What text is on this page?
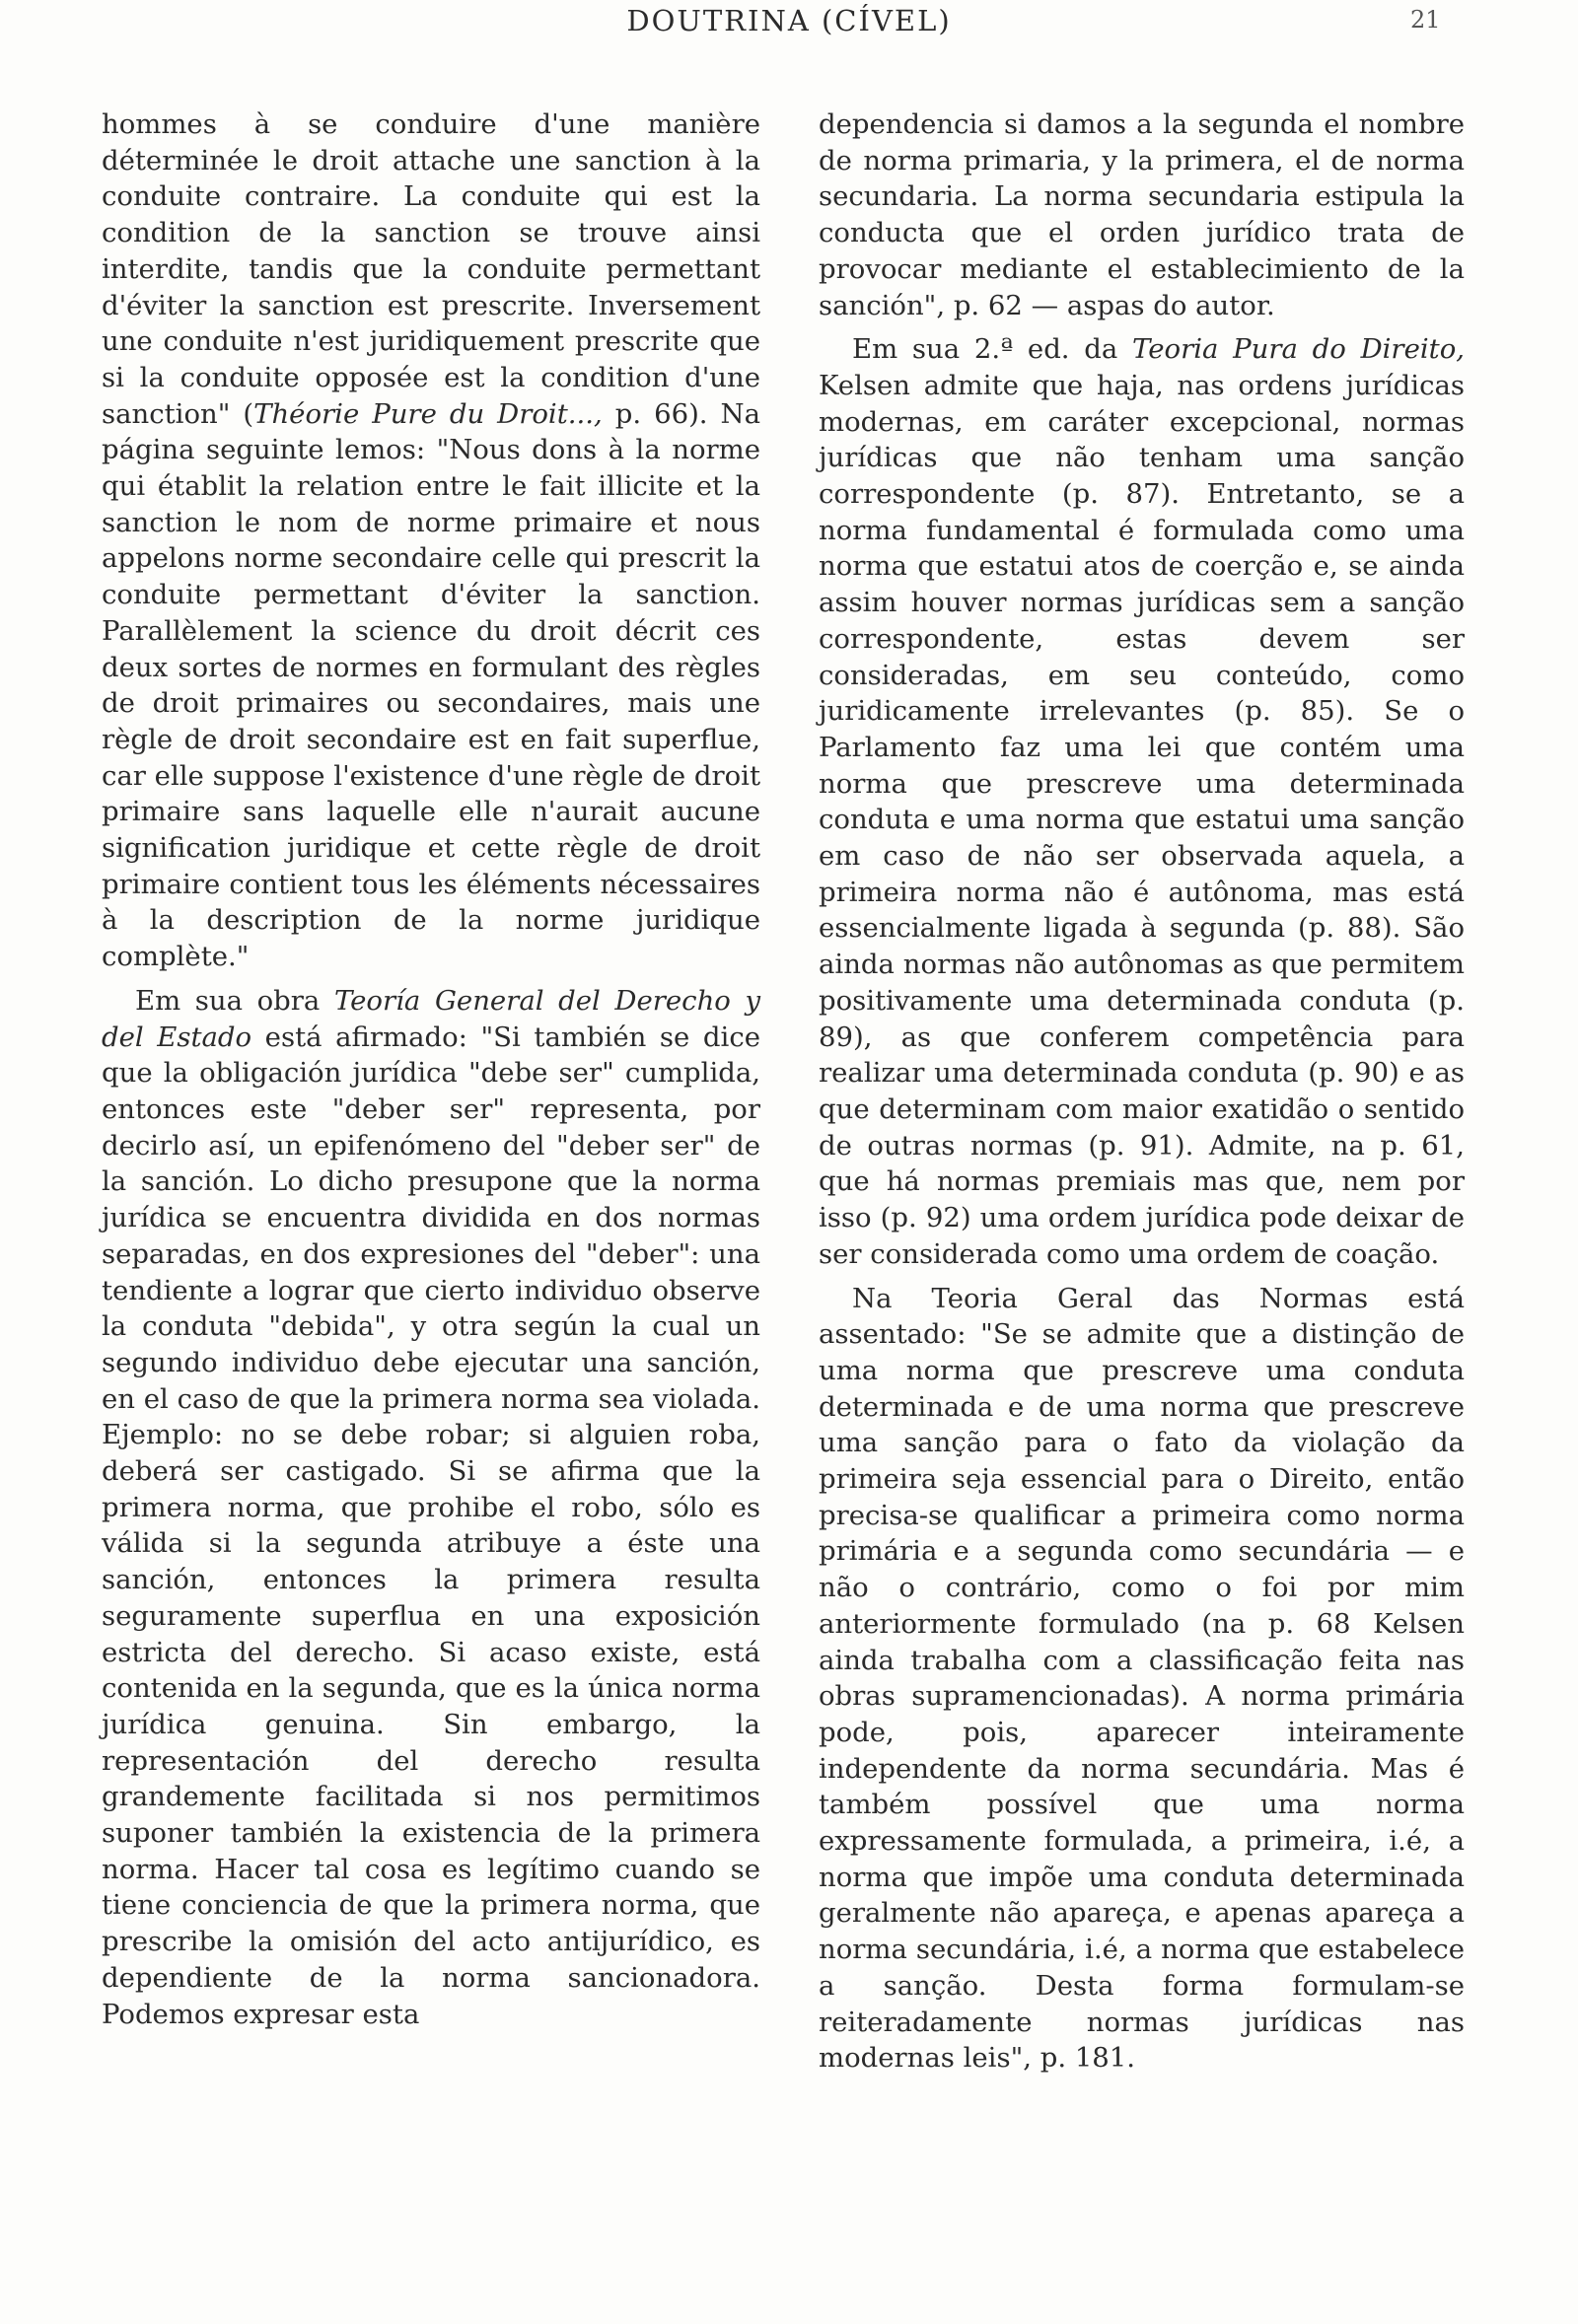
DOUTRINA (CÍVEL)	21

hommes à se conduire d'une manière déterminée le droit attache une sanction à la conduite contraire. La conduite qui est la condition de la sanction se trouve ainsi interdite, tandis que la conduite permettant d'éviter la sanction est prescrite. Inversement une conduite n'est juridiquement prescrite que si la conduite opposée est la condition d'une sanction" (Théorie Pure du Droit..., p. 66). Na página seguinte lemos: "Nous dons à la norme qui établit la relation entre le fait illicite et la sanction le nom de norme primaire et nous appelons norme secondaire celle qui prescrit la conduite permettant d'éviter la sanction. Parallèlement la science du droit décrit ces deux sortes de normes en formulant des règles de droit primaires ou secondaires, mais une règle de droit secondaire est en fait superflue, car elle suppose l'existence d'une règle de droit primaire sans laquelle elle n'aurait aucune signification juridique et cette règle de droit primaire contient tous les éléments nécessaires à la description de la norme juridique complète."

Em sua obra Teoría General del Derecho y del Estado está afirmado: "Si también se dice que la obligación jurídica "debe ser" cumplida, entonces este "deber ser" representa, por decirlo así, un epifenómeno del "deber ser" de la sanción. Lo dicho presupone que la norma jurídica se encuentra dividida en dos normas separadas, en dos expresiones del "deber": una tendiente a lograr que cierto individuo observe la conduta "debida", y otra según la cual un segundo individuo debe ejecutar una sanción, en el caso de que la primera norma sea violada. Ejemplo: no se debe robar; si alguien roba, deberá ser castigado. Si se afirma que la primera norma, que prohibe el robo, sólo es válida si la segunda atribuye a éste una sanción, entonces la primera resulta seguramente superflua en una exposición estricta del derecho. Si acaso existe, está contenida en la segunda, que es la única norma jurídica genuina. Sin embargo, la representación del derecho resulta grandemente facilitada si nos permitimos suponer también la existencia de la primera norma. Hacer tal cosa es legítimo cuando se tiene conciencia de que la primera norma, que prescribe la omisión del acto antijurídico, es dependiente de la norma sancionadora. Podemos expresar esta

dependencia si damos a la segunda el nombre de norma primaria, y la primera, el de norma secundaria. La norma secundaria estipula la conducta que el orden jurídico trata de provocar mediante el establecimiento de la sanción", p. 62 — aspas do autor.

Em sua 2.ª ed. da Teoria Pura do Direito, Kelsen admite que haja, nas ordens jurídicas modernas, em caráter excepcional, normas jurídicas que não tenham uma sanção correspondente (p. 87). Entretanto, se a norma fundamental é formulada como uma norma que estatui atos de coerção e, se ainda assim houver normas jurídicas sem a sanção correspondente, estas devem ser consideradas, em seu conteúdo, como juridicamente irrelevantes (p. 85). Se o Parlamento faz uma lei que contém uma norma que prescreve uma determinada conduta e uma norma que estatui uma sanção em caso de não ser observada aquela, a primeira norma não é autônoma, mas está essencialmente ligada à segunda (p. 88). São ainda normas não autônomas as que permitem positivamente uma determinada conduta (p. 89), as que conferem competência para realizar uma determinada conduta (p. 90) e as que determinam com maior exatidão o sentido de outras normas (p. 91). Admite, na p. 61, que há normas premiais mas que, nem por isso (p. 92) uma ordem jurídica pode deixar de ser considerada como uma ordem de coação.

Na Teoria Geral das Normas está assentado: "Se se admite que a distinção de uma norma que prescreve uma conduta determinada e de uma norma que prescreve uma sanção para o fato da violação da primeira seja essencial para o Direito, então precisa-se qualificar a primeira como norma primária e a segunda como secundária — e não o contrário, como o foi por mim anteriormente formulado (na p. 68 Kelsen ainda trabalha com a classificação feita nas obras supramencionadas). A norma primária pode, pois, aparecer inteiramente independente da norma secundária. Mas é também possível que uma norma expressamente formulada, a primeira, i.é, a norma que impõe uma conduta determinada geralmente não apareça, e apenas apareça a norma secundária, i.é, a norma que estabelece a sanção. Desta forma formulam-se reiteradamente normas jurídicas nas modernas leis", p. 181.
